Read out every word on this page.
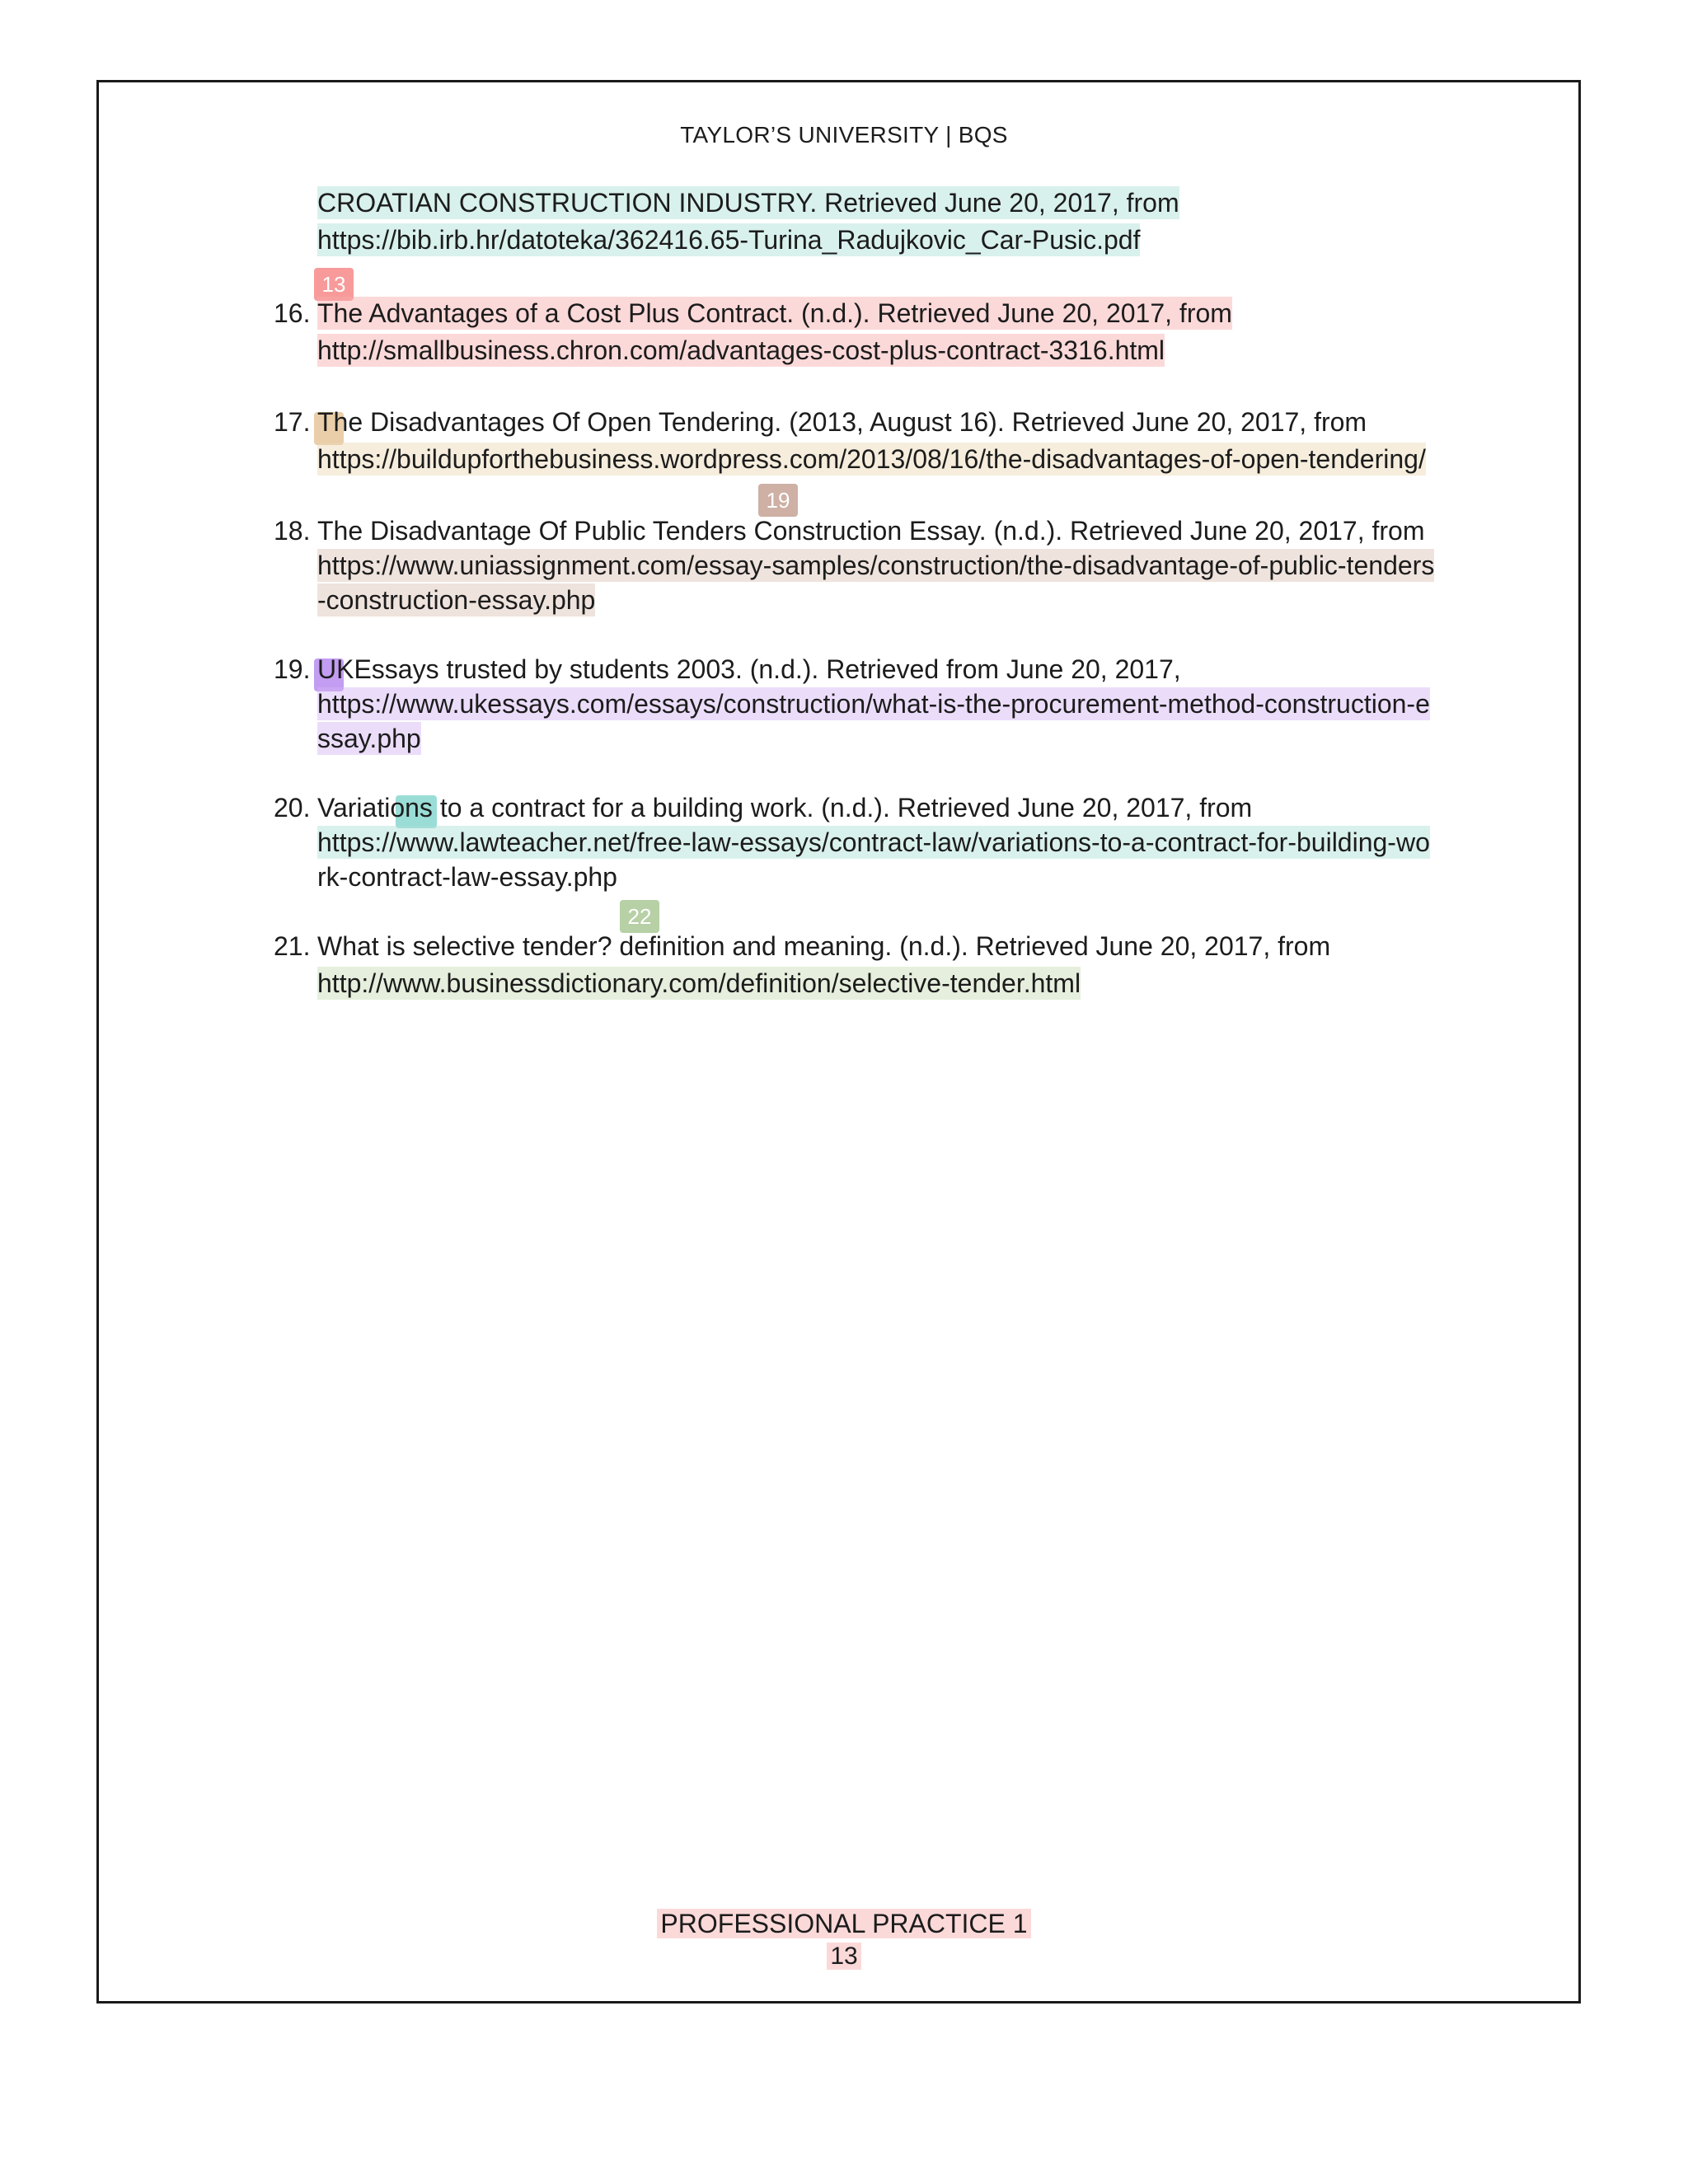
TAYLOR’S UNIVERSITY | BQS
CROATIAN CONSTRUCTION INDUSTRY. Retrieved June 20, 2017, from
https://bib.irb.hr/datoteka/362416.65-Turina_Radujkovic_Car-Pusic.pdf
13
16. The Advantages of a Cost Plus Contract. (n.d.). Retrieved June 20, 2017, from
http://smallbusiness.chron.com/advantages-cost-plus-contract-3316.html
17. The Disadvantages Of Open Tendering. (2013, August 16). Retrieved June 20, 2017, from
https://buildupforthebusiness.wordpress.com/2013/08/16/the-disadvantages-of-open-tendering/
19
18. The Disadvantage Of Public Tenders Construction Essay. (n.d.). Retrieved June 20, 2017, from
https://www.uniassignment.com/essay-samples/construction/the-disadvantage-of-public-tenders
-construction-essay.php
19. UKEssays trusted by students 2003. (n.d.). Retrieved from June 20, 2017,
https://www.ukessays.com/essays/construction/what-is-the-procurement-method-construction-e
ssay.php
20. Variations to a contract for a building work. (n.d.). Retrieved June 20, 2017, from
https://www.lawteacher.net/free-law-essays/contract-law/variations-to-a-contract-for-building-wo
rk-contract-law-essay.php
22
21. What is selective tender? definition and meaning. (n.d.). Retrieved June 20, 2017, from
http://www.businessdictionary.com/definition/selective-tender.html
PROFESSIONAL PRACTICE 1
13
